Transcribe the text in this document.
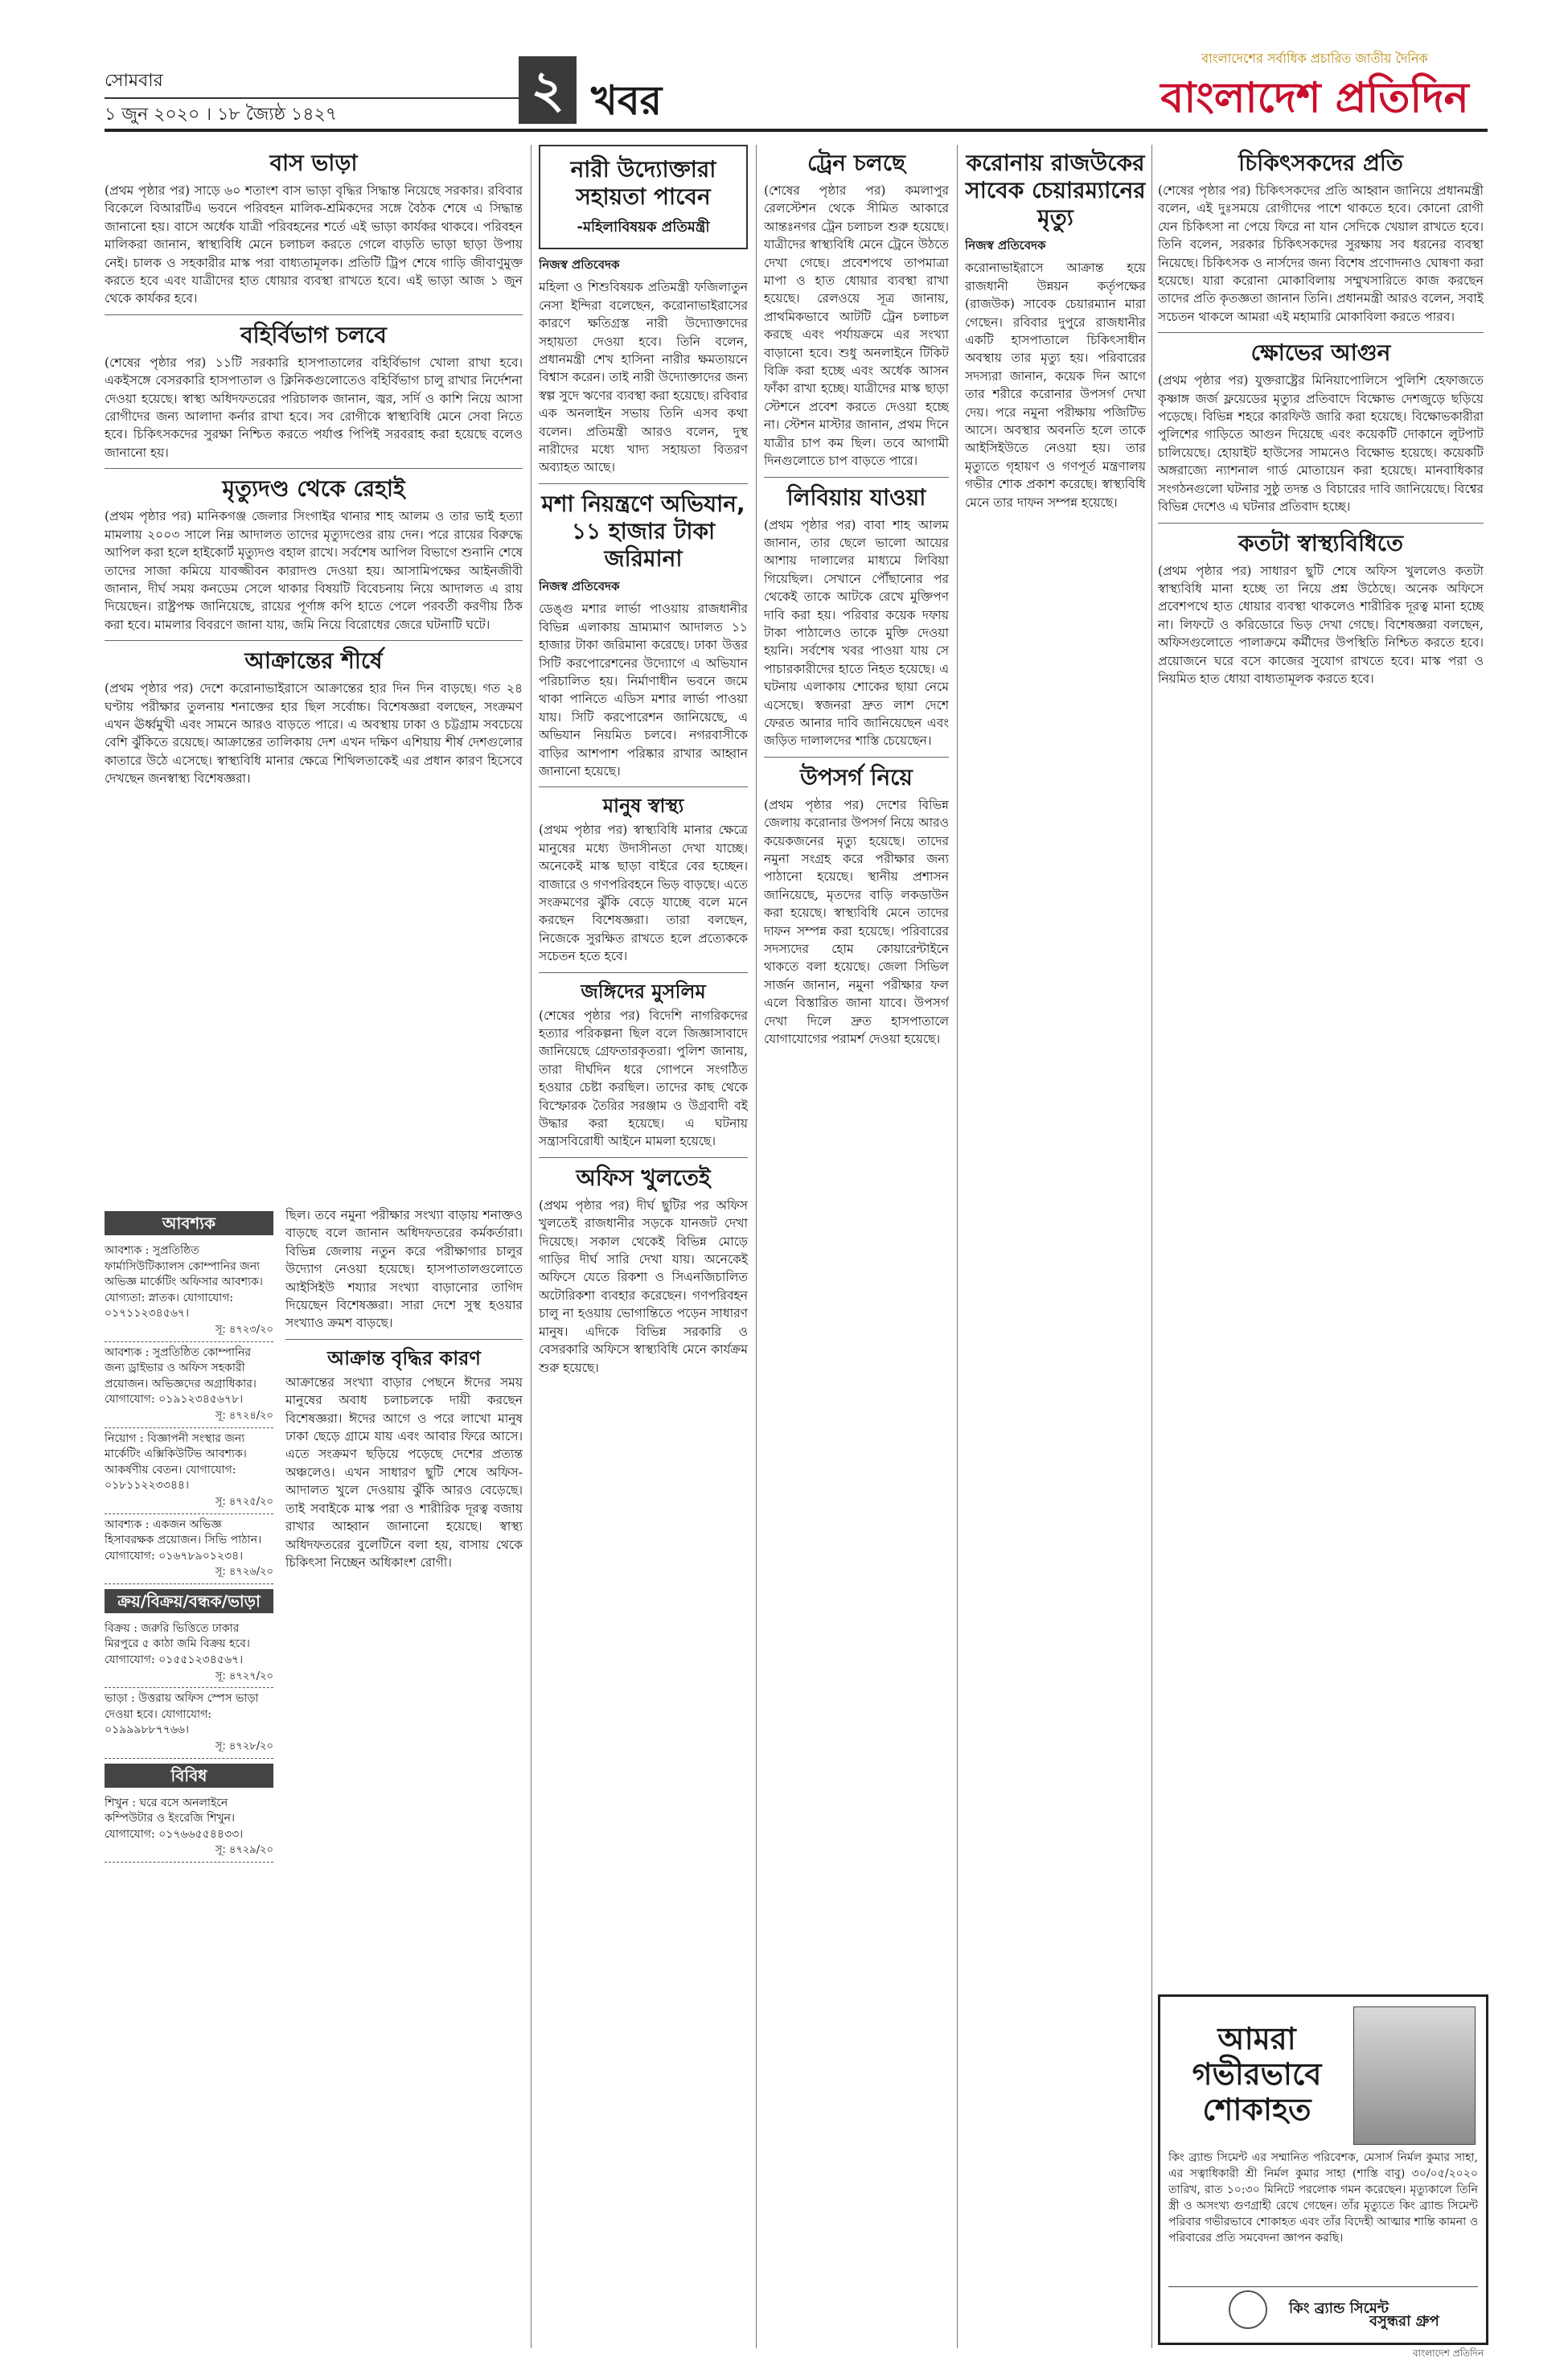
সোমবার
১ জুন ২০২০ । ১৮ জ্যৈষ্ঠ ১৪২৭	২ খবর
বাংলাদেশের সর্বাধিক প্রচারিত জাতীয় দৈনিক
বাংলাদেশ প্রতিদিন
বাস ভাড়া

(প্রথম পৃষ্ঠার পর) সাড়ে ৬০ শতাংশ বাস ভাড়া বৃদ্ধির সিদ্ধান্ত নিয়েছে সরকার। রবিবার বিকেলে বিআরটিএ ভবনে পরিবহন মালিক-শ্রমিকদের সঙ্গে বৈঠক শেষে এ সিদ্ধান্ত জানানো হয়। বাসে অর্ধেক যাত্রী পরিবহনের শর্তে এই ভাড়া কার্যকর থাকবে। পরিবহন মালিকরা জানান, স্বাস্থ্যবিধি মেনে চলাচল করতে গেলে বাড়তি ভাড়া ছাড়া উপায় নেই। চালক ও সহকারীর মাস্ক পরা বাধ্যতামূলক। প্রতিটি ট্রিপ শেষে গাড়ি জীবাণুমুক্ত করতে হবে এবং যাত্রীদের হাত ধোয়ার ব্যবস্থা রাখতে হবে। এই ভাড়া আজ ১ জুন থেকে কার্যকর হবে।

বহির্বিভাগ চলবে

(শেষের পৃষ্ঠার পর) ১১টি সরকারি হাসপাতালের বহির্বিভাগ খোলা রাখা হবে। একইসঙ্গে বেসরকারি হাসপাতাল ও ক্লিনিকগুলোতেও বহির্বিভাগ চালু রাখার নির্দেশনা দেওয়া হয়েছে। স্বাস্থ্য অধিদফতরের পরিচালক জানান, জ্বর, সর্দি ও কাশি নিয়ে আসা রোগীদের জন্য আলাদা কর্নার রাখা হবে। সব রোগীকে স্বাস্থ্যবিধি মেনে সেবা নিতে হবে। চিকিৎসকদের সুরক্ষা নিশ্চিত করতে পর্যাপ্ত পিপিই সরবরাহ করা হয়েছে বলেও জানানো হয়।

মৃত্যুদণ্ড থেকে রেহাই

(প্রথম পৃষ্ঠার পর) মানিকগঞ্জ জেলার সিংগাইর থানার শাহ আলম ও তার ভাই হত্যা মামলায় ২০০৩ সালে নিম্ন আদালত তাদের মৃত্যুদণ্ডের রায় দেন। পরে রায়ের বিরুদ্ধে আপিল করা হলে হাইকোর্ট মৃত্যুদণ্ড বহাল রাখে। সর্বশেষ আপিল বিভাগে শুনানি শেষে তাদের সাজা কমিয়ে যাবজ্জীবন কারাদণ্ড দেওয়া হয়। আসামিপক্ষের আইনজীবী জানান, দীর্ঘ সময় কনডেম সেলে থাকার বিষয়টি বিবেচনায় নিয়ে আদালত এ রায় দিয়েছেন। রাষ্ট্রপক্ষ জানিয়েছে, রায়ের পূর্ণাঙ্গ কপি হাতে পেলে পরবর্তী করণীয় ঠিক করা হবে। মামলার বিবরণে জানা যায়, জমি নিয়ে বিরোধের জেরে ঘটনাটি ঘটে।

আক্রান্তের শীর্ষে

(প্রথম পৃষ্ঠার পর) দেশে করোনাভাইরাসে আক্রান্তের হার দিন দিন বাড়ছে। গত ২৪ ঘণ্টায় পরীক্ষার তুলনায় শনাক্তের হার ছিল সর্বোচ্চ। বিশেষজ্ঞরা বলছেন, সংক্রমণ এখন ঊর্ধ্বমুখী এবং সামনে আরও বাড়তে পারে। এ অবস্থায় ঢাকা ও চট্টগ্রাম সবচেয়ে বেশি ঝুঁকিতে রয়েছে। আক্রান্তের তালিকায় দেশ এখন দক্ষিণ এশিয়ায় শীর্ষ দেশগুলোর কাতারে উঠে এসেছে। স্বাস্থ্যবিধি মানার ক্ষেত্রে শিথিলতাকেই এর প্রধান কারণ হিসেবে দেখছেন জনস্বাস্থ্য বিশেষজ্ঞরা।

আবশ্যক
আবশ্যক : সুপ্রতিষ্ঠিত ফার্মাসিউটিক্যালস কোম্পানির জন্য অভিজ্ঞ মার্কেটিং অফিসার আবশ্যক। যোগ্যতা: স্নাতক। যোগাযোগ: ০১৭১১২৩৪৫৬৭।
সূ: ৪৭২৩/২০
আবশ্যক : সুপ্রতিষ্ঠিত কোম্পানির জন্য ড্রাইভার ও অফিস সহকারী প্রয়োজন। অভিজ্ঞদের অগ্রাধিকার। যোগাযোগ: ০১৯১২৩৪৫৬৭৮।
সূ: ৪৭২৪/২০
নিয়োগ : বিজ্ঞাপনী সংস্থার জন্য মার্কেটিং এক্সিকিউটিভ আবশ্যক। আকর্ষণীয় বেতন। যোগাযোগ: ০১৮১১২২৩৩৪৪।
সূ: ৪৭২৫/২০
আবশ্যক : একজন অভিজ্ঞ হিসাবরক্ষক প্রয়োজন। সিভি পাঠান। যোগাযোগ: ০১৬৭৮৯০১২৩৪।
সূ: ৪৭২৬/২০
ক্রয়/বিক্রয়/বন্ধক/ভাড়া
বিক্রয় : জরুরি ভিত্তিতে ঢাকার মিরপুরে ৫ কাঠা জমি বিক্রয় হবে। যোগাযোগ: ০১৫৫১২৩৪৫৬৭।
সূ: ৪৭২৭/২০
ভাড়া : উত্তরায় অফিস স্পেস ভাড়া দেওয়া হবে। যোগাযোগ: ০১৯৯৯৮৮৭৭৬৬।
সূ: ৪৭২৮/২০
বিবিধ
শিখুন : ঘরে বসে অনলাইনে কম্পিউটার ও ইংরেজি শিখুন। যোগাযোগ: ০১৭৬৬৫৫৪৪৩৩।
সূ: ৪৭২৯/২০

ছিল। তবে নমুনা পরীক্ষার সংখ্যা বাড়ায় শনাক্তও বাড়ছে বলে জানান অধিদফতরের কর্মকর্তারা। বিভিন্ন জেলায় নতুন করে পরীক্ষাগার চালুর উদ্যোগ নেওয়া হয়েছে। হাসপাতালগুলোতে আইসিইউ শয্যার সংখ্যা বাড়ানোর তাগিদ দিয়েছেন বিশেষজ্ঞরা। সারা দেশে সুস্থ হওয়ার সংখ্যাও ক্রমশ বাড়ছে।

আক্রান্ত বৃদ্ধির কারণ

আক্রান্তের সংখ্যা বাড়ার পেছনে ঈদের সময় মানুষের অবাধ চলাচলকে দায়ী করছেন বিশেষজ্ঞরা। ঈদের আগে ও পরে লাখো মানুষ ঢাকা ছেড়ে গ্রামে যায় এবং আবার ফিরে আসে। এতে সংক্রমণ ছড়িয়ে পড়েছে দেশের প্রত্যন্ত অঞ্চলেও। এখন সাধারণ ছুটি শেষে অফিস-আদালত খুলে দেওয়ায় ঝুঁকি আরও বেড়েছে। তাই সবাইকে মাস্ক পরা ও শারীরিক দূরত্ব বজায় রাখার আহ্বান জানানো হয়েছে। স্বাস্থ্য অধিদফতরের বুলেটিনে বলা হয়, বাসায় থেকে চিকিৎসা নিচ্ছেন অধিকাংশ রোগী।

নারী উদ্যোক্তারা সহায়তা পাবেন
-মহিলাবিষয়ক প্রতিমন্ত্রী
নিজস্ব প্রতিবেদক

মহিলা ও শিশুবিষয়ক প্রতিমন্ত্রী ফজিলাতুন নেসা ইন্দিরা বলেছেন, করোনাভাইরাসের কারণে ক্ষতিগ্রস্ত নারী উদ্যোক্তাদের সহায়তা দেওয়া হবে। তিনি বলেন, প্রধানমন্ত্রী শেখ হাসিনা নারীর ক্ষমতায়নে বিশ্বাস করেন। তাই নারী উদ্যোক্তাদের জন্য স্বল্প সুদে ঋণের ব্যবস্থা করা হয়েছে। রবিবার এক অনলাইন সভায় তিনি এসব কথা বলেন। প্রতিমন্ত্রী আরও বলেন, দুস্থ নারীদের মধ্যে খাদ্য সহায়তা বিতরণ অব্যাহত আছে।

মশা নিয়ন্ত্রণে অভিযান, ১১ হাজার টাকা জরিমানা
নিজস্ব প্রতিবেদক

ডেঙ্গু মশার লার্ভা পাওয়ায় রাজধানীর বিভিন্ন এলাকায় ভ্রাম্যমাণ আদালত ১১ হাজার টাকা জরিমানা করেছে। ঢাকা উত্তর সিটি করপোরেশনের উদ্যোগে এ অভিযান পরিচালিত হয়। নির্মাণাধীন ভবনে জমে থাকা পানিতে এডিস মশার লার্ভা পাওয়া যায়। সিটি করপোরেশন জানিয়েছে, এ অভিযান নিয়মিত চলবে। নগরবাসীকে বাড়ির আশপাশ পরিষ্কার রাখার আহ্বান জানানো হয়েছে।

মানুষ স্বাস্থ্য

(প্রথম পৃষ্ঠার পর) স্বাস্থ্যবিধি মানার ক্ষেত্রে মানুষের মধ্যে উদাসীনতা দেখা যাচ্ছে। অনেকেই মাস্ক ছাড়া বাইরে বের হচ্ছেন। বাজারে ও গণপরিবহনে ভিড় বাড়ছে। এতে সংক্রমণের ঝুঁকি বেড়ে যাচ্ছে বলে মনে করছেন বিশেষজ্ঞরা। তারা বলছেন, নিজেকে সুরক্ষিত রাখতে হলে প্রত্যেককে সচেতন হতে হবে।

জঙ্গিদের মুসলিম

(শেষের পৃষ্ঠার পর) বিদেশি নাগরিকদের হত্যার পরিকল্পনা ছিল বলে জিজ্ঞাসাবাদে জানিয়েছে গ্রেফতারকৃতরা। পুলিশ জানায়, তারা দীর্ঘদিন ধরে গোপনে সংগঠিত হওয়ার চেষ্টা করছিল। তাদের কাছ থেকে বিস্ফোরক তৈরির সরঞ্জাম ও উগ্রবাদী বই উদ্ধার করা হয়েছে। এ ঘটনায় সন্ত্রাসবিরোধী আইনে মামলা হয়েছে।

অফিস খুলতেই

(প্রথম পৃষ্ঠার পর) দীর্ঘ ছুটির পর অফিস খুলতেই রাজধানীর সড়কে যানজট দেখা দিয়েছে। সকাল থেকেই বিভিন্ন মোড়ে গাড়ির দীর্ঘ সারি দেখা যায়। অনেকেই অফিসে যেতে রিকশা ও সিএনজিচালিত অটোরিকশা ব্যবহার করেছেন। গণপরিবহন চালু না হওয়ায় ভোগান্তিতে পড়েন সাধারণ মানুষ। এদিকে বিভিন্ন সরকারি ও বেসরকারি অফিসে স্বাস্থ্যবিধি মেনে কার্যক্রম শুরু হয়েছে।

ট্রেন চলছে

(শেষের পৃষ্ঠার পর) কমলাপুর রেলস্টেশন থেকে সীমিত আকারে আন্তঃনগর ট্রেন চলাচল শুরু হয়েছে। যাত্রীদের স্বাস্থ্যবিধি মেনে ট্রেনে উঠতে দেখা গেছে। প্রবেশপথে তাপমাত্রা মাপা ও হাত ধোয়ার ব্যবস্থা রাখা হয়েছে। রেলওয়ে সূত্র জানায়, প্রাথমিকভাবে আটটি ট্রেন চলাচল করছে এবং পর্যায়ক্রমে এর সংখ্যা বাড়ানো হবে। শুধু অনলাইনে টিকিট বিক্রি করা হচ্ছে এবং অর্ধেক আসন ফাঁকা রাখা হচ্ছে। যাত্রীদের মাস্ক ছাড়া স্টেশনে প্রবেশ করতে দেওয়া হচ্ছে না। স্টেশন মাস্টার জানান, প্রথম দিনে যাত্রীর চাপ কম ছিল। তবে আগামী দিনগুলোতে চাপ বাড়তে পারে।

লিবিয়ায় যাওয়া

(প্রথম পৃষ্ঠার পর) বাবা শাহ আলম জানান, তার ছেলে ভালো আয়ের আশায় দালালের মাধ্যমে লিবিয়া গিয়েছিল। সেখানে পৌঁছানোর পর থেকেই তাকে আটকে রেখে মুক্তিপণ দাবি করা হয়। পরিবার কয়েক দফায় টাকা পাঠালেও তাকে মুক্তি দেওয়া হয়নি। সর্বশেষ খবর পাওয়া যায় সে পাচারকারীদের হাতে নিহত হয়েছে। এ ঘটনায় এলাকায় শোকের ছায়া নেমে এসেছে। স্বজনরা দ্রুত লাশ দেশে ফেরত আনার দাবি জানিয়েছেন এবং জড়িত দালালদের শাস্তি চেয়েছেন।

উপসর্গ নিয়ে

(প্রথম পৃষ্ঠার পর) দেশের বিভিন্ন জেলায় করোনার উপসর্গ নিয়ে আরও কয়েকজনের মৃত্যু হয়েছে। তাদের নমুনা সংগ্রহ করে পরীক্ষার জন্য পাঠানো হয়েছে। স্থানীয় প্রশাসন জানিয়েছে, মৃতদের বাড়ি লকডাউন করা হয়েছে। স্বাস্থ্যবিধি মেনে তাদের দাফন সম্পন্ন করা হয়েছে। পরিবারের সদস্যদের হোম কোয়ারেন্টাইনে থাকতে বলা হয়েছে। জেলা সিভিল সার্জন জানান, নমুনা পরীক্ষার ফল এলে বিস্তারিত জানা যাবে। উপসর্গ দেখা দিলে দ্রুত হাসপাতালে যোগাযোগের পরামর্শ দেওয়া হয়েছে।

করোনায় রাজউকের সাবেক চেয়ারম্যানের মৃত্যু
নিজস্ব প্রতিবেদক

করোনাভাইরাসে আক্রান্ত হয়ে রাজধানী উন্নয়ন কর্তৃপক্ষের (রাজউক) সাবেক চেয়ারম্যান মারা গেছেন। রবিবার দুপুরে রাজধানীর একটি হাসপাতালে চিকিৎসাধীন অবস্থায় তার মৃত্যু হয়। পরিবারের সদস্যরা জানান, কয়েক দিন আগে তার শরীরে করোনার উপসর্গ দেখা দেয়। পরে নমুনা পরীক্ষায় পজিটিভ আসে। অবস্থার অবনতি হলে তাকে আইসিইউতে নেওয়া হয়। তার মৃত্যুতে গৃহায়ণ ও গণপূর্ত মন্ত্রণালয় গভীর শোক প্রকাশ করেছে। স্বাস্থ্যবিধি মেনে তার দাফন সম্পন্ন হয়েছে।

চিকিৎসকদের প্রতি

(শেষের পৃষ্ঠার পর) চিকিৎসকদের প্রতি আহ্বান জানিয়ে প্রধানমন্ত্রী বলেন, এই দুঃসময়ে রোগীদের পাশে থাকতে হবে। কোনো রোগী যেন চিকিৎসা না পেয়ে ফিরে না যান সেদিকে খেয়াল রাখতে হবে। তিনি বলেন, সরকার চিকিৎসকদের সুরক্ষায় সব ধরনের ব্যবস্থা নিয়েছে। চিকিৎসক ও নার্সদের জন্য বিশেষ প্রণোদনাও ঘোষণা করা হয়েছে। যারা করোনা মোকাবিলায় সম্মুখসারিতে কাজ করছেন তাদের প্রতি কৃতজ্ঞতা জানান তিনি। প্রধানমন্ত্রী আরও বলেন, সবাই সচেতন থাকলে আমরা এই মহামারি মোকাবিলা করতে পারব।

ক্ষোভের আগুন

(প্রথম পৃষ্ঠার পর) যুক্তরাষ্ট্রের মিনিয়াপোলিসে পুলিশি হেফাজতে কৃষ্ণাঙ্গ জর্জ ফ্লয়েডের মৃত্যুর প্রতিবাদে বিক্ষোভ দেশজুড়ে ছড়িয়ে পড়েছে। বিভিন্ন শহরে কারফিউ জারি করা হয়েছে। বিক্ষোভকারীরা পুলিশের গাড়িতে আগুন দিয়েছে এবং কয়েকটি দোকানে লুটপাট চালিয়েছে। হোয়াইট হাউসের সামনেও বিক্ষোভ হয়েছে। কয়েকটি অঙ্গরাজ্যে ন্যাশনাল গার্ড মোতায়েন করা হয়েছে। মানবাধিকার সংগঠনগুলো ঘটনার সুষ্ঠু তদন্ত ও বিচারের দাবি জানিয়েছে। বিশ্বের বিভিন্ন দেশেও এ ঘটনার প্রতিবাদ হচ্ছে।

কতটা স্বাস্থ্যবিধিতে

(প্রথম পৃষ্ঠার পর) সাধারণ ছুটি শেষে অফিস খুললেও কতটা স্বাস্থ্যবিধি মানা হচ্ছে তা নিয়ে প্রশ্ন উঠেছে। অনেক অফিসে প্রবেশপথে হাত ধোয়ার ব্যবস্থা থাকলেও শারীরিক দূরত্ব মানা হচ্ছে না। লিফটে ও করিডোরে ভিড় দেখা গেছে। বিশেষজ্ঞরা বলছেন, অফিসগুলোতে পালাক্রমে কর্মীদের উপস্থিতি নিশ্চিত করতে হবে। প্রয়োজনে ঘরে বসে কাজের সুযোগ রাখতে হবে। মাস্ক পরা ও নিয়মিত হাত ধোয়া বাধ্যতামূলক করতে হবে।

আমরা গভীরভাবে শোকাহত
কিং ব্র্যান্ড সিমেন্ট এর সম্মানিত পরিবেশক, মেসার্স নির্মল কুমার সাহা, এর সত্বাধিকারী শ্রী নির্মল কুমার সাহা (শাস্তি বাবু) ৩০/০৫/২০২০ তারিখ, রাত ১০:৩০ মিনিটে পরলোক গমন করেছেন। মৃত্যুকালে তিনি স্ত্রী ও অসংখ্য গুণগ্রাহী রেখে গেছেন। তাঁর মৃত্যুতে কিং ব্র্যান্ড সিমেন্ট পরিবার গভীরভাবে শোকাহত এবং তাঁর বিদেহী আত্মার শান্তি কামনা ও পরিবারের প্রতি সমবেদনা জ্ঞাপন করছি।
কিং ব্র্যান্ড সিমেন্ট
বসুন্ধরা গ্রুপ
বাংলাদেশ প্রতিদিন
